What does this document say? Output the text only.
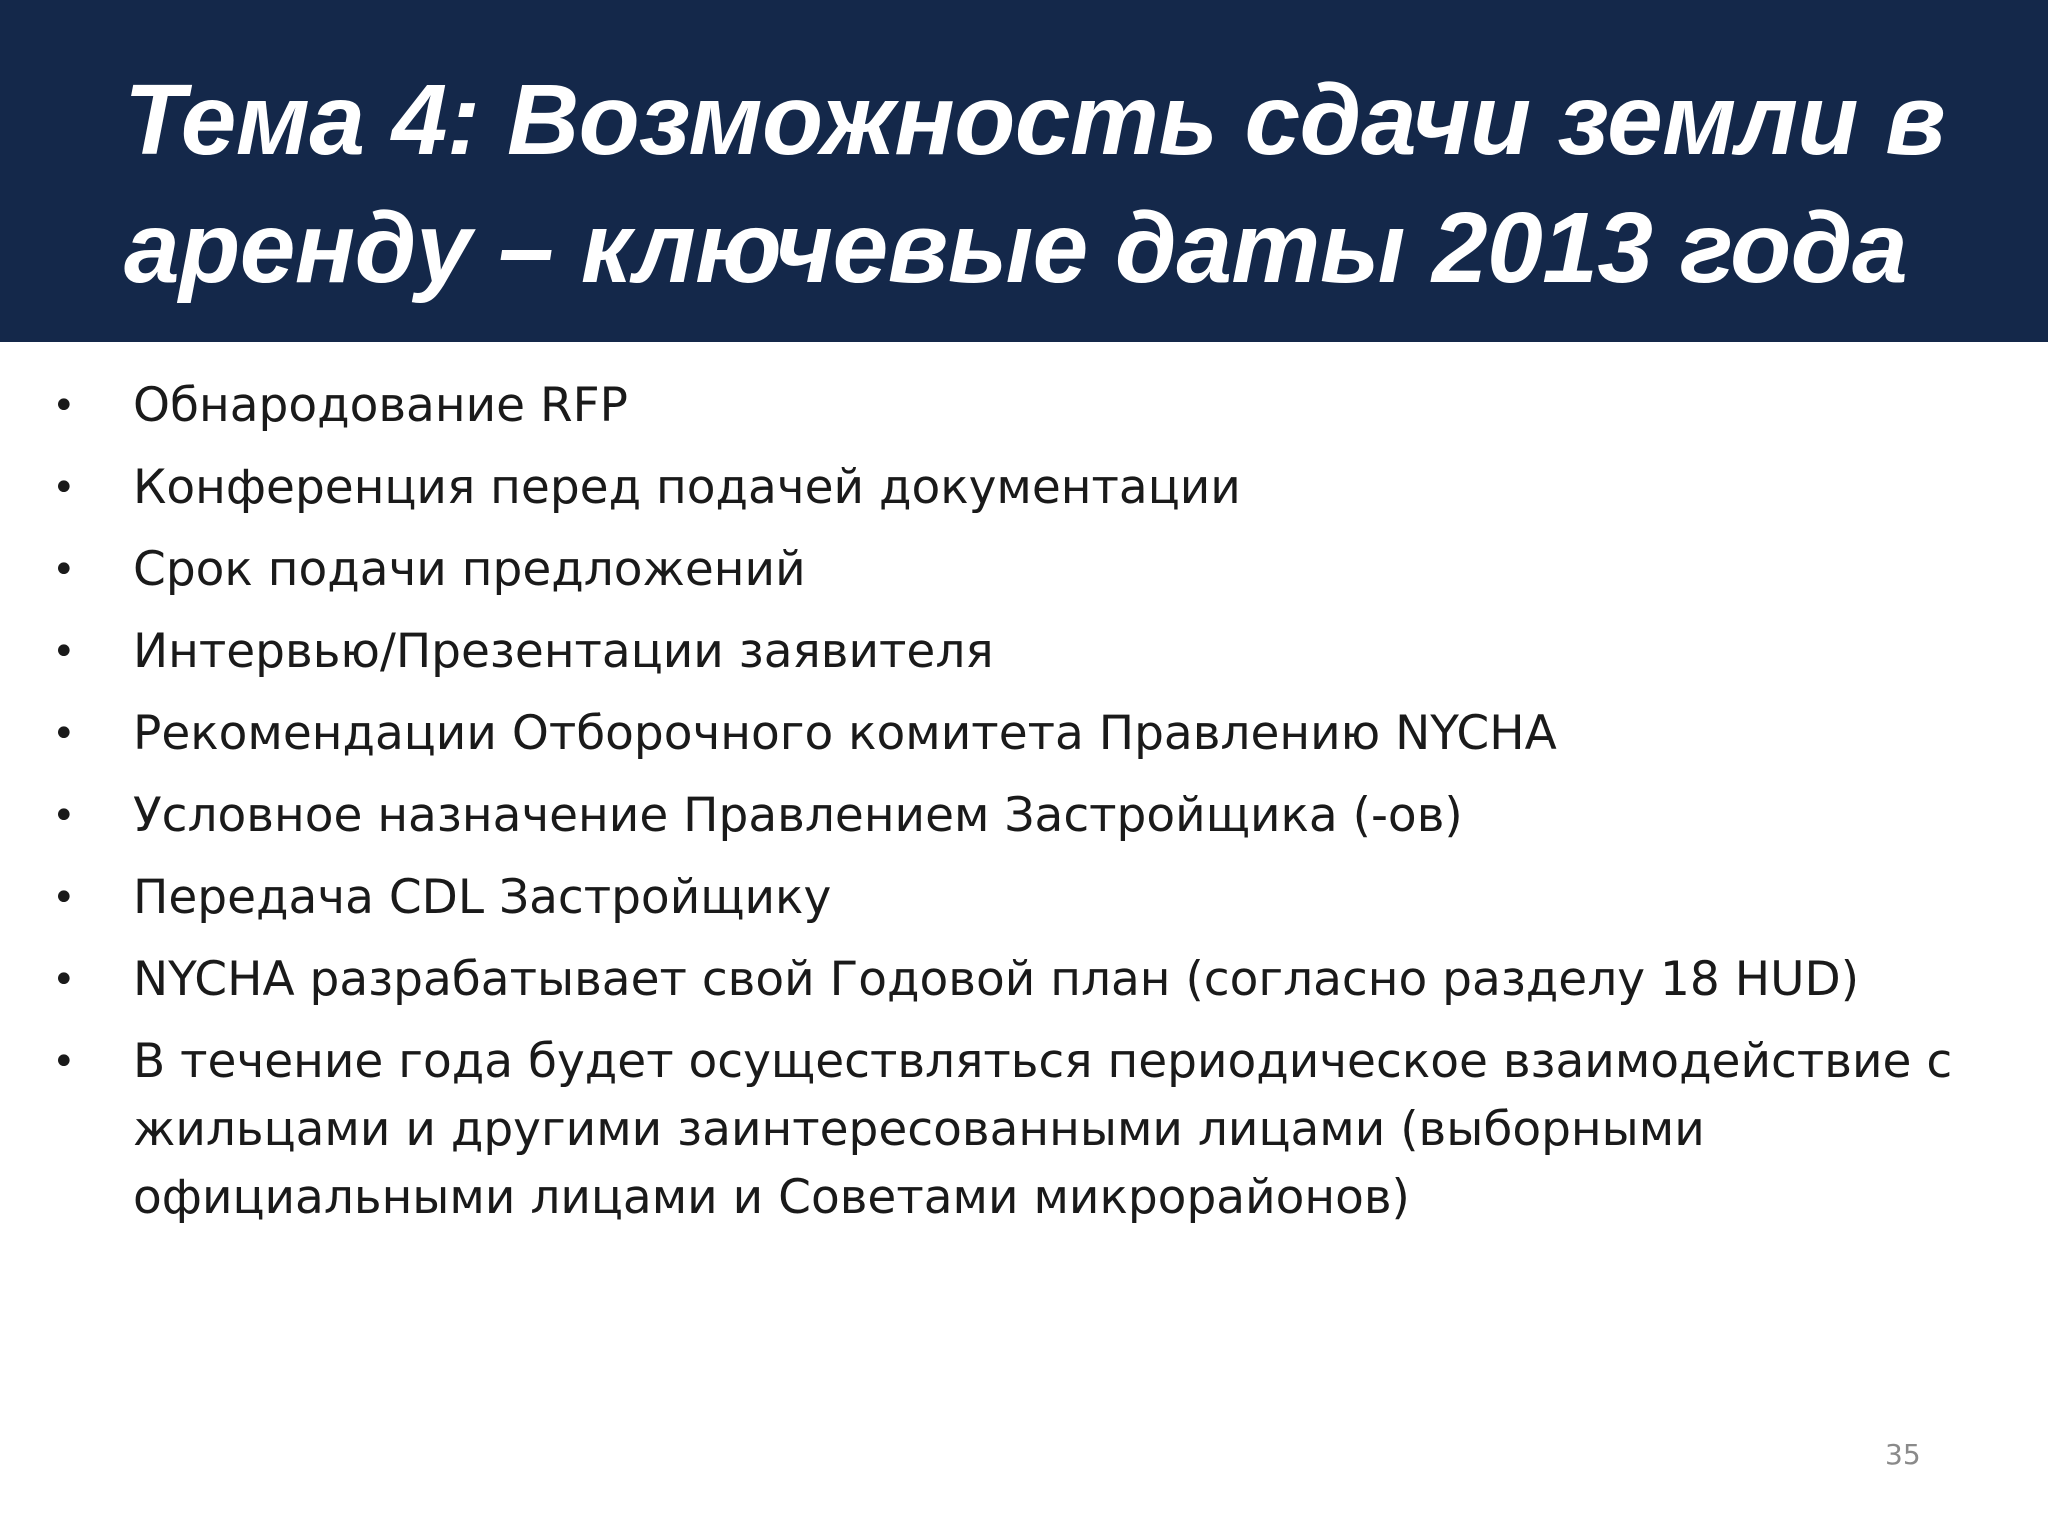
Тема 4: Возможность сдачи земли в
аренду – ключевые даты 2013 года
• Обнародование RFP
• Конференция перед подачей документации
• Срок подачи предложений
• Интервью/Презентации заявителя
• Рекомендации Отборочного комитета Правлению NYCHA
• Условное назначение Правлением Застройщика (-ов)
• Передача CDL Застройщику
• NYCHA разрабатывает свой Годовой план (согласно разделу 18 HUD)
• В течение года будет осуществляться периодическое взаимодействие с жильцами и другими заинтересованными лицами (выборными официальными лицами и Советами микрорайонов)
35
